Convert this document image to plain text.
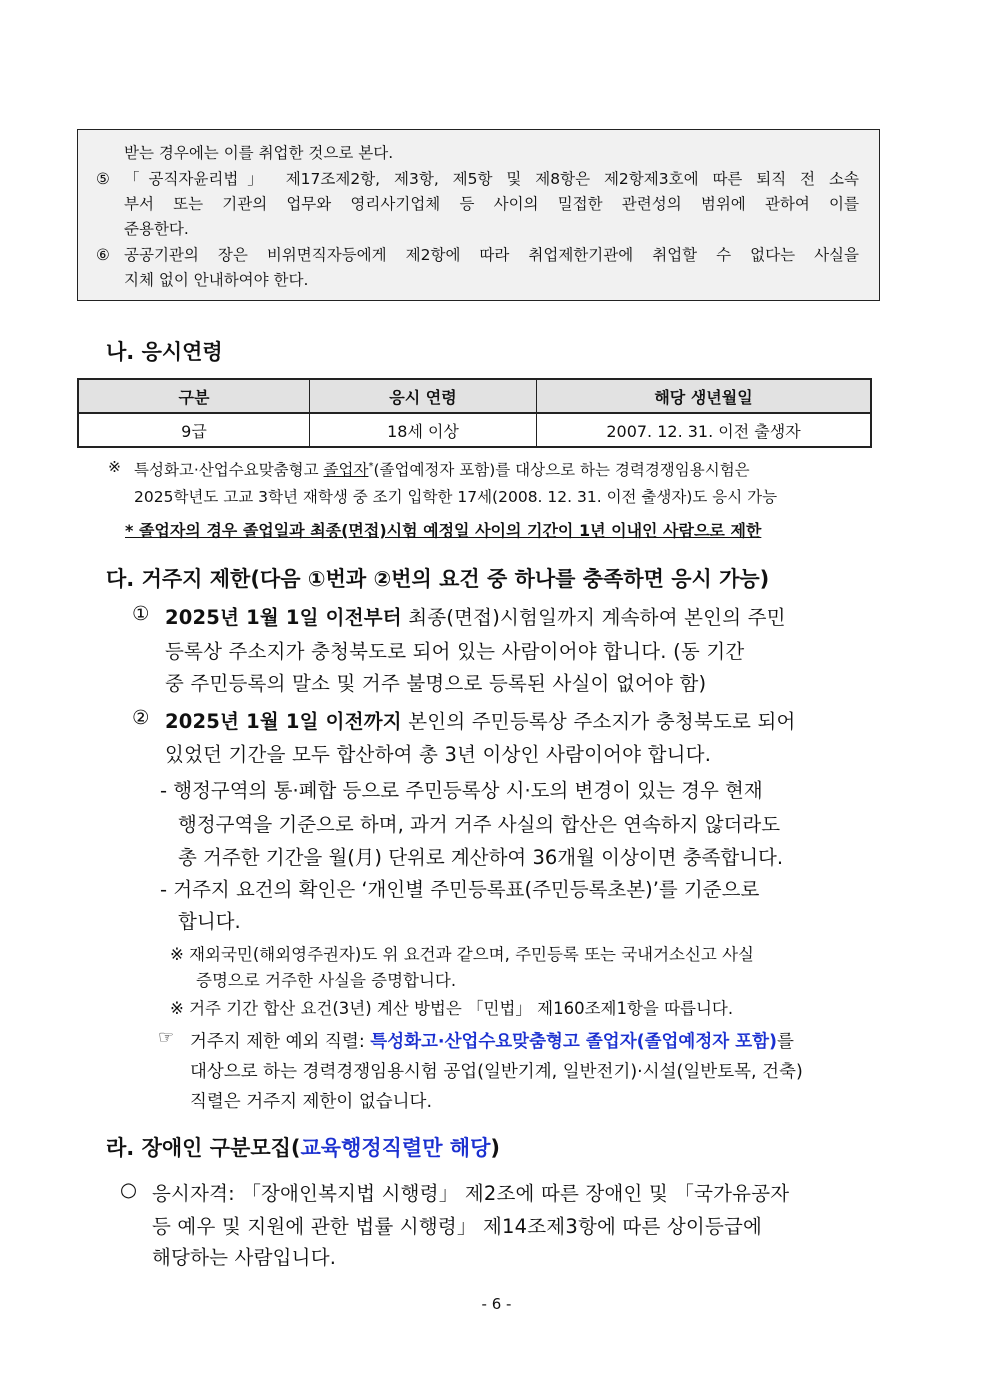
받는 경우에는 이를 취업한 것으로 본다.
⑤ 「공직자윤리법」 제17조제2항, 제3항, 제5항 및 제8항은 제2항제3호에 따른 퇴직 전 소속
부서 또는 기관의 업무와 영리사기업체 등 사이의 밀접한 관련성의 범위에 관하여 이를
준용한다.
⑥ 공공기관의 장은 비위면직자등에게 제2항에 따라 취업제한기관에 취업할 수 없다는 사실을
지체 없이 안내하여야 한다.
나. 응시연령
구분	응시 연령	해당 생년월일
9급	18세 이상	2007. 12. 31. 이전 출생자
※ 특성화고·산업수요맞춤형고 졸업자*(졸업예정자 포함)를 대상으로 하는 경력경쟁임용시험은
2025학년도 고교 3학년 재학생 중 조기 입학한 17세(2008. 12. 31. 이전 출생자)도 응시 가능
* 졸업자의 경우 졸업일과 최종(면접)시험 예정일 사이의 기간이 1년 이내인 사람으로 제한
다. 거주지 제한(다음 ①번과 ②번의 요건 중 하나를 충족하면 응시 가능)
① 2025년 1월 1일 이전부터 최종(면접)시험일까지 계속하여 본인의 주민
등록상 주소지가 충청북도로 되어 있는 사람이어야 합니다. (동 기간
중 주민등록의 말소 및 거주 불명으로 등록된 사실이 없어야 함)
② 2025년 1월 1일 이전까지 본인의 주민등록상 주소지가 충청북도로 되어
있었던 기간을 모두 합산하여 총 3년 이상인 사람이어야 합니다.
- 행정구역의 통·폐합 등으로 주민등록상 시·도의 변경이 있는 경우 현재
행정구역을 기준으로 하며, 과거 거주 사실의 합산은 연속하지 않더라도
총 거주한 기간을 월(月) 단위로 계산하여 36개월 이상이면 충족합니다.
- 거주지 요건의 확인은 ‘개인별 주민등록표(주민등록초본)’를 기준으로
합니다.
※ 재외국민(해외영주권자)도 위 요건과 같으며, 주민등록 또는 국내거소신고 사실
증명으로 거주한 사실을 증명합니다.
※ 거주 기간 합산 요건(3년) 계산 방법은 「민법」 제160조제1항을 따릅니다.
☞ 거주지 제한 예외 직렬: 특성화고·산업수요맞춤형고 졸업자(졸업예정자 포함)를
대상으로 하는 경력경쟁임용시험 공업(일반기계, 일반전기)·시설(일반토목, 건축)
직렬은 거주지 제한이 없습니다.
라. 장애인 구분모집(교육행정직렬만 해당)
○ 응시자격: 「장애인복지법 시행령」 제2조에 따른 장애인 및 「국가유공자
등 예우 및 지원에 관한 법률 시행령」 제14조제3항에 따른 상이등급에
해당하는 사람입니다.
- 6 -
